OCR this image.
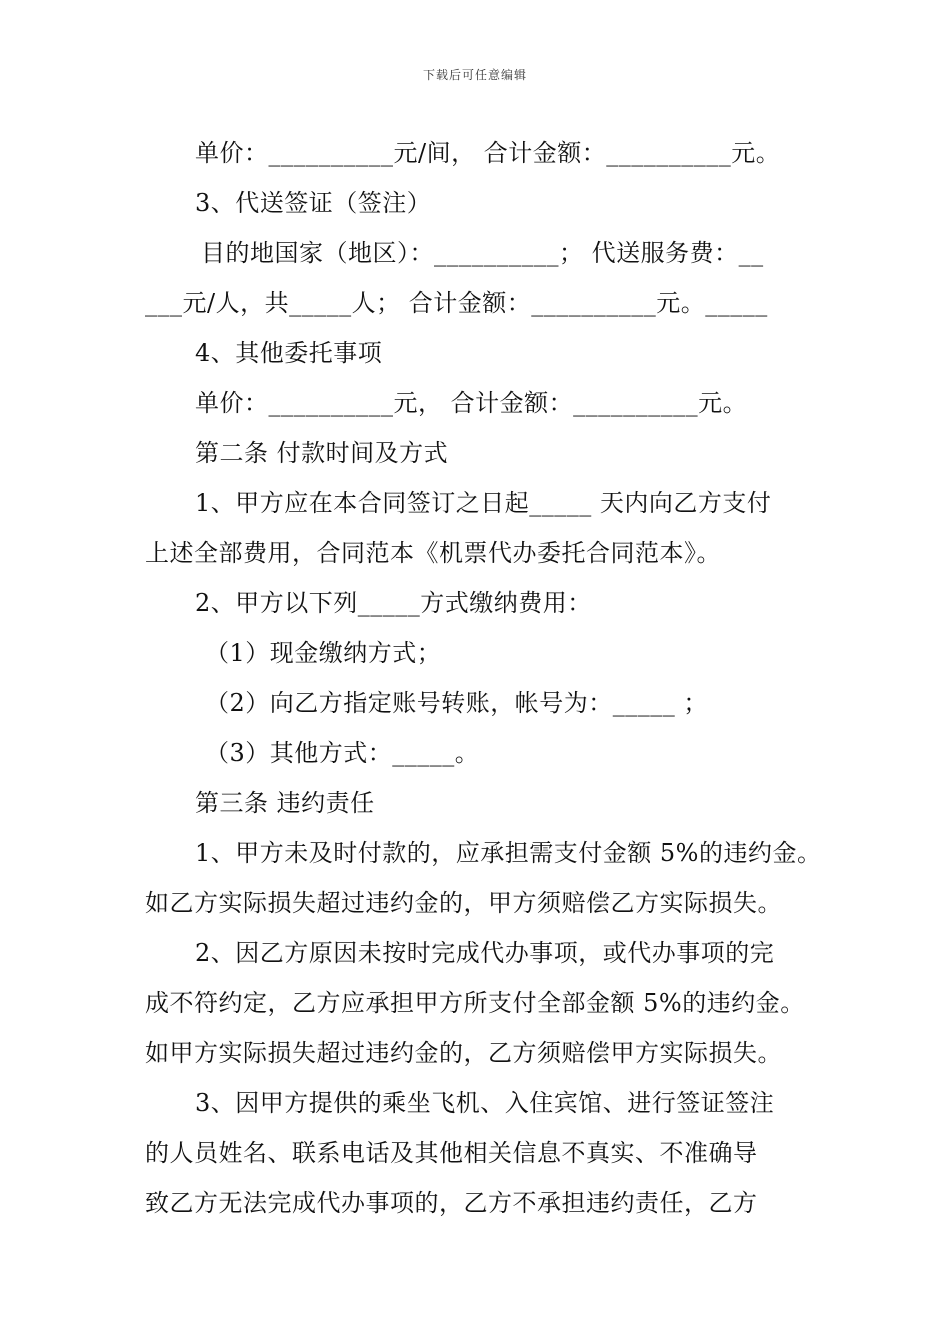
下载后可任意编辑
单价：__________元/间， 合计金额：__________元。
3、代送签证（签注）
目的地国家（地区）：__________； 代送服务费：__
___元/人，共_____人； 合计金额：__________元。_____
4、其他委托事项
单价：__________元， 合计金额：__________元。
第二条 付款时间及方式
1、甲方应在本合同签订之日起_____ 天内向乙方支付
上述全部费用，合同范本《机票代办委托合同范本》。
2、甲方以下列_____方式缴纳费用：
（1）现金缴纳方式；
（2）向乙方指定账号转账，帐号为：_____ ；
（3）其他方式：_____。
第三条 违约责任
1、甲方未及时付款的，应承担需支付金额 5%的违约金。
如乙方实际损失超过违约金的，甲方须赔偿乙方实际损失。
2、因乙方原因未按时完成代办事项，或代办事项的完
成不符约定，乙方应承担甲方所支付全部金额 5%的违约金。
如甲方实际损失超过违约金的，乙方须赔偿甲方实际损失。
3、因甲方提供的乘坐飞机、入住宾馆、进行签证签注
的人员姓名、联系电话及其他相关信息不真实、不准确导
致乙方无法完成代办事项的，乙方不承担违约责任，乙方
